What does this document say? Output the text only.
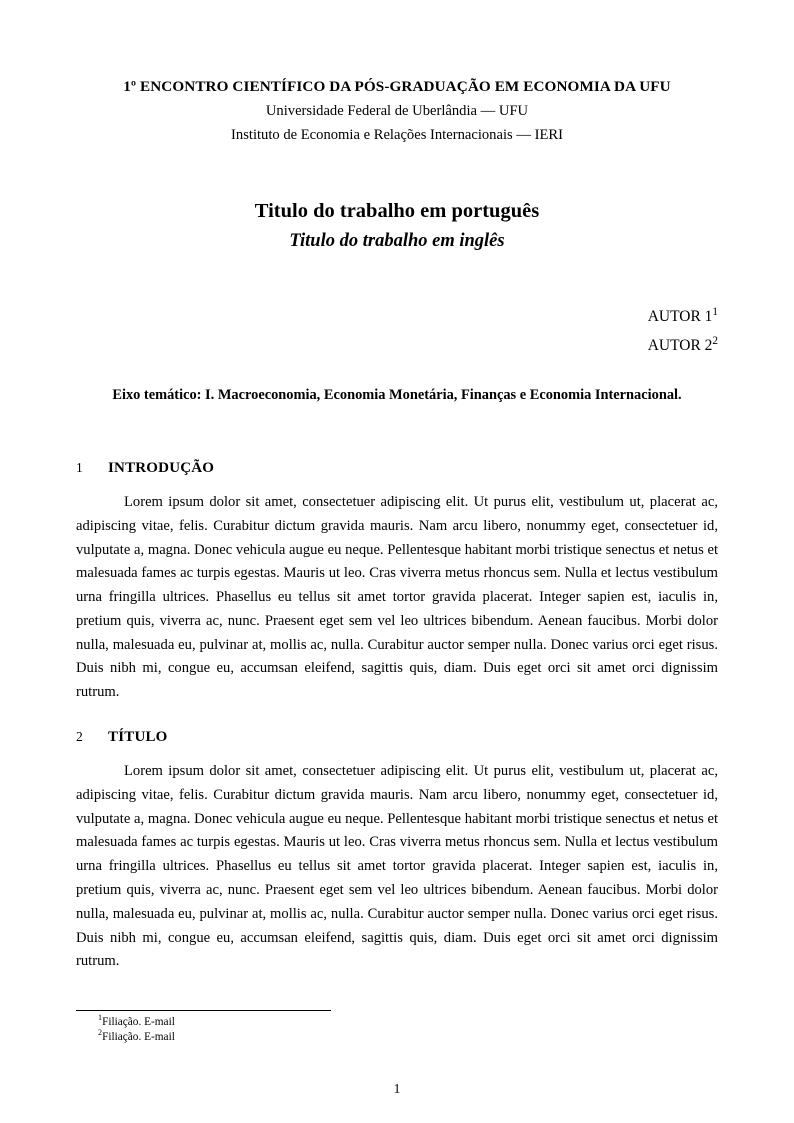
1º ENCONTRO CIENTÍFICO DA PÓS-GRADUAÇÃO EM ECONOMIA DA UFU
Universidade Federal de Uberlândia — UFU
Instituto de Economia e Relações Internacionais — IERI
Titulo do trabalho em português
Titulo do trabalho em inglês
AUTOR $1^1$
AUTOR $2^2$
Eixo temático: I. Macroeconomia, Economia Monetária, Finanças e Economia Internacional.
1	INTRODUÇÃO

Lorem ipsum dolor sit amet, consectetuer adipiscing elit. Ut purus elit, vestibulum ut, placerat ac, adipiscing vitae, felis. Curabitur dictum gravida mauris. Nam arcu libero, nonummy eget, consectetuer id, vulputate a, magna. Donec vehicula augue eu neque. Pellentesque habitant morbi tristique senectus et netus et malesuada fames ac turpis egestas. Mauris ut leo. Cras viverra metus rhoncus sem. Nulla et lectus vestibulum urna fringilla ultrices. Phasellus eu tellus sit amet tortor gravida placerat. Integer sapien est, iaculis in, pretium quis, viverra ac, nunc. Praesent eget sem vel leo ultrices bibendum. Aenean faucibus. Morbi dolor nulla, malesuada eu, pulvinar at, mollis ac, nulla. Curabitur auctor semper nulla. Donec varius orci eget risus. Duis nibh mi, congue eu, accumsan eleifend, sagittis quis, diam. Duis eget orci sit amet orci dignissim rutrum.

2	TÍTULO

Lorem ipsum dolor sit amet, consectetuer adipiscing elit. Ut purus elit, vestibulum ut, placerat ac, adipiscing vitae, felis. Curabitur dictum gravida mauris. Nam arcu libero, nonummy eget, consectetuer id, vulputate a, magna. Donec vehicula augue eu neque. Pellentesque habitant morbi tristique senectus et netus et malesuada fames ac turpis egestas. Mauris ut leo. Cras viverra metus rhoncus sem. Nulla et lectus vestibulum urna fringilla ultrices. Phasellus eu tellus sit amet tortor gravida placerat. Integer sapien est, iaculis in, pretium quis, viverra ac, nunc. Praesent eget sem vel leo ultrices bibendum. Aenean faucibus. Morbi dolor nulla, malesuada eu, pulvinar at, mollis ac, nulla. Curabitur auctor semper nulla. Donec varius orci eget risus. Duis nibh mi, congue eu, accumsan eleifend, sagittis quis, diam. Duis eget orci sit amet orci dignissim rutrum.

$^1$Filiação. E-mail
$^2$Filiação. E-mail
1
